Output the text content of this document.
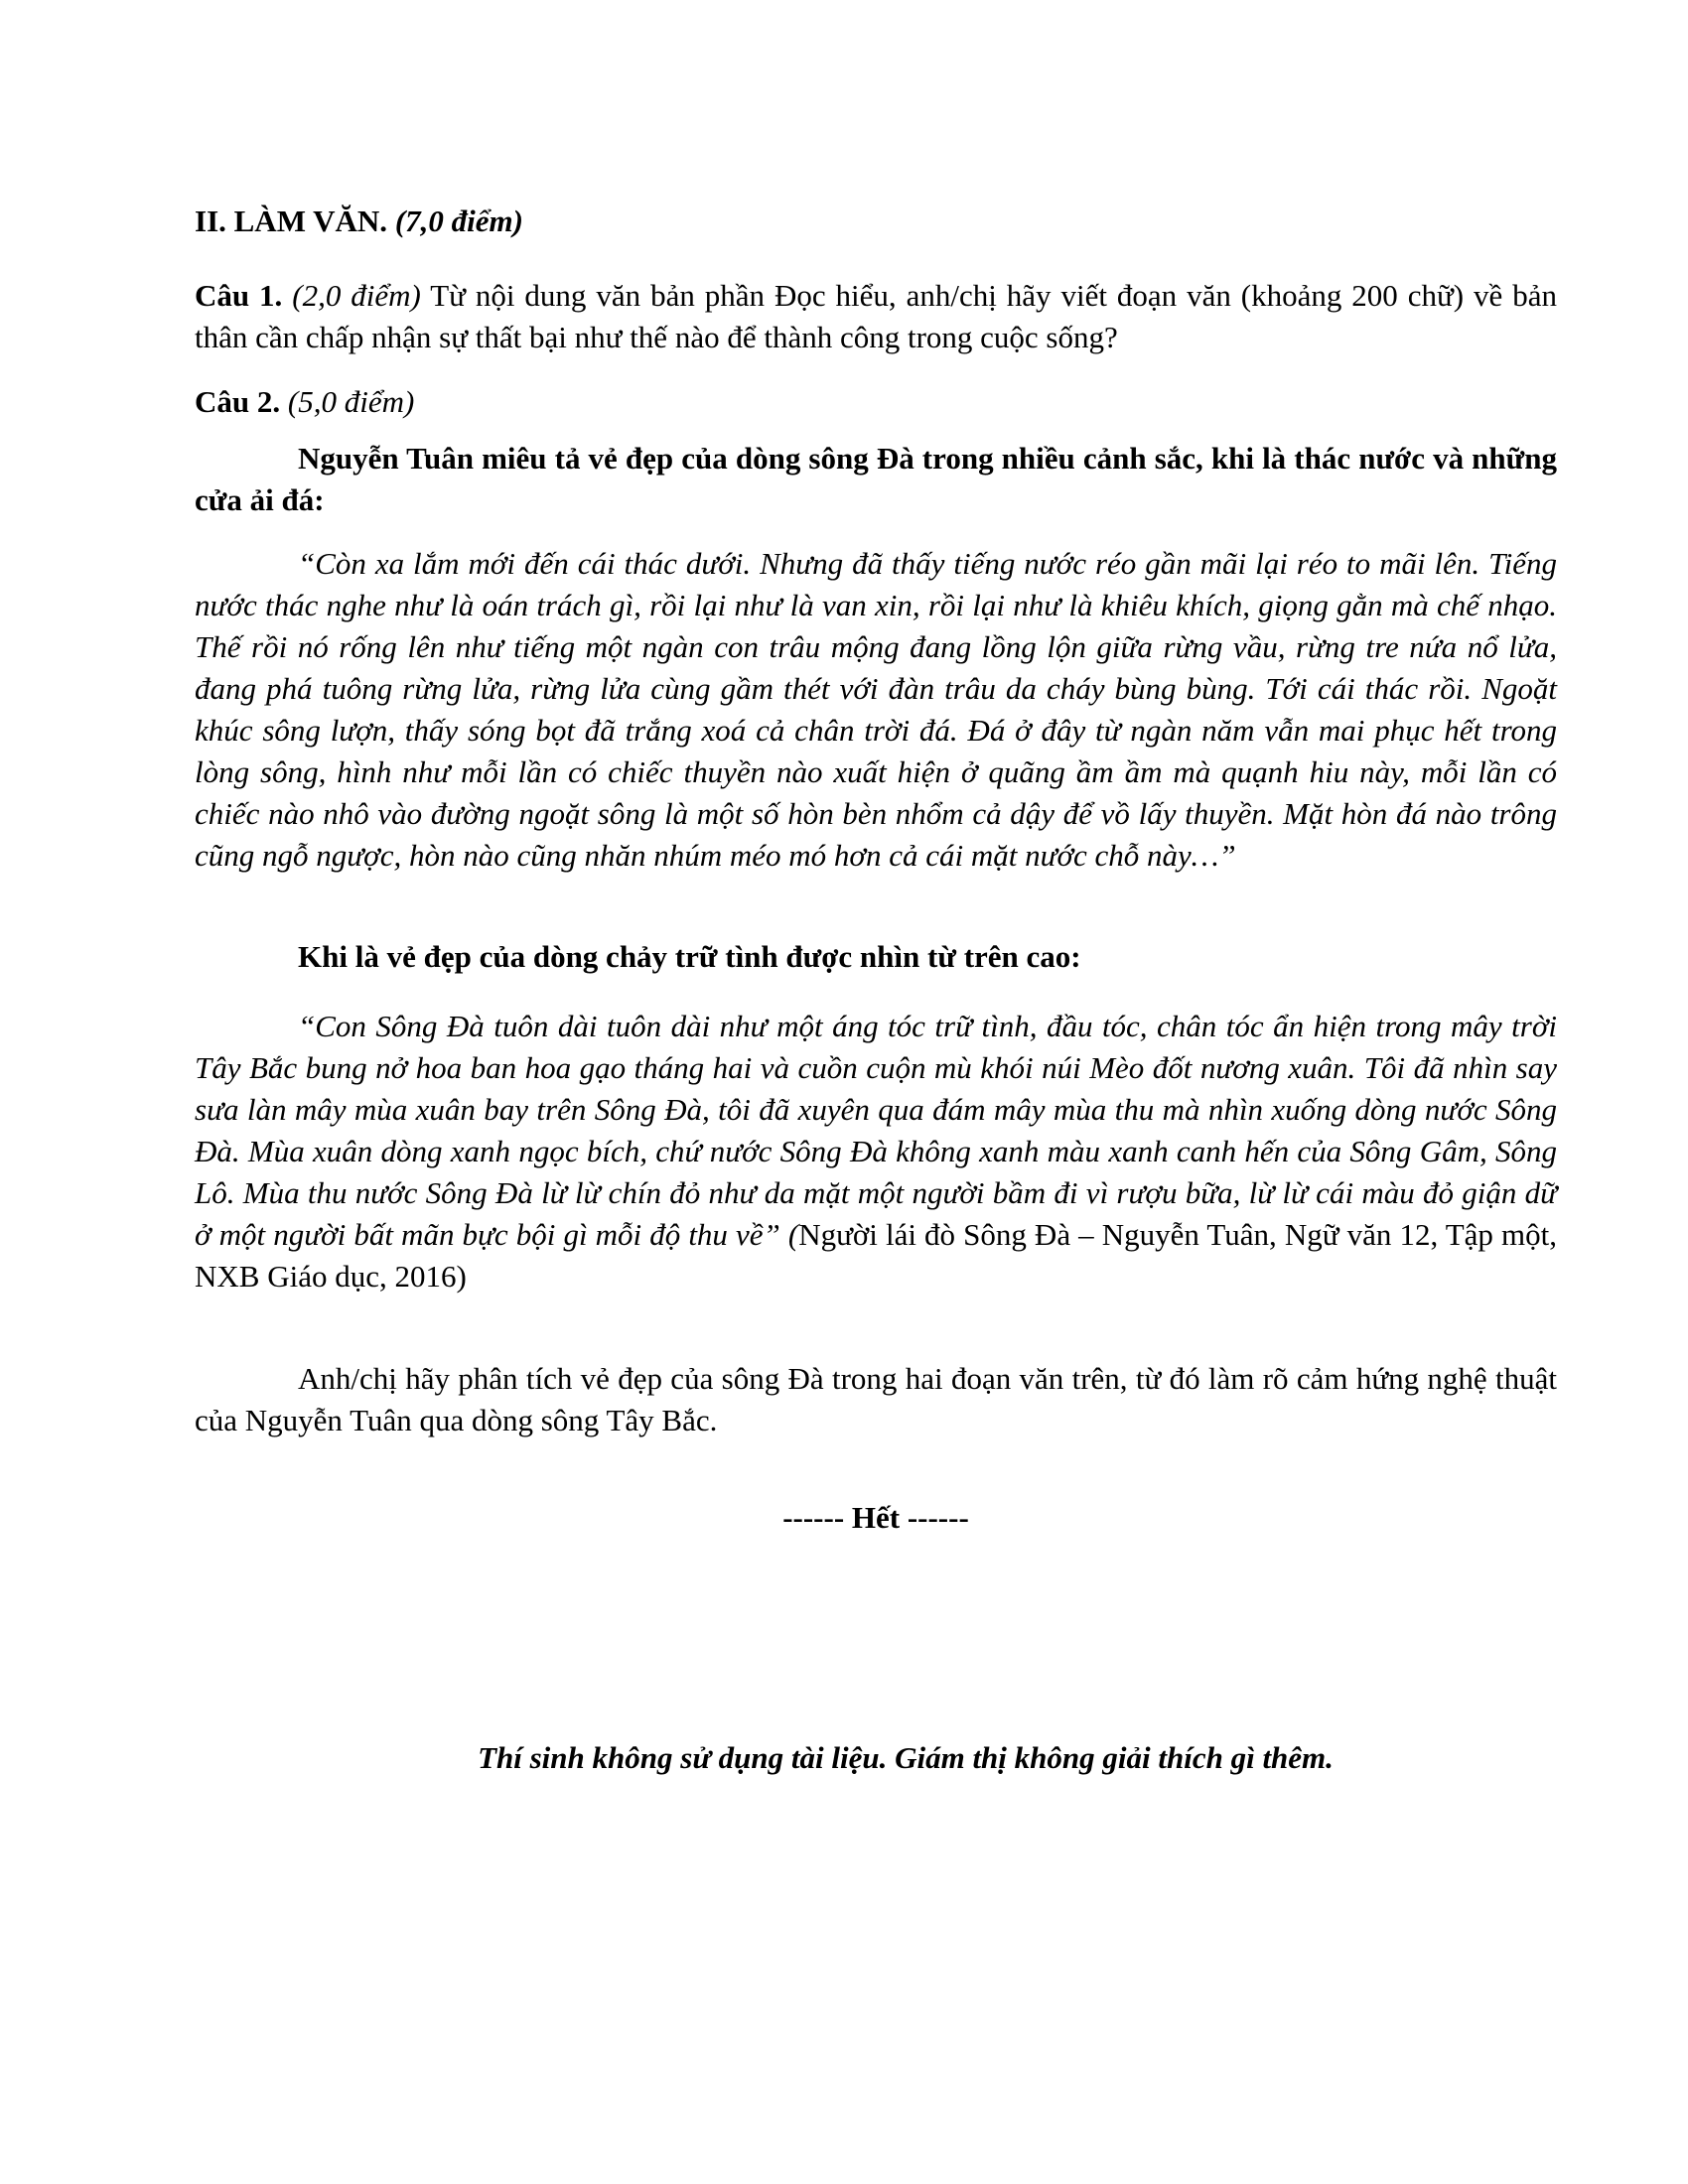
II. LÀM VĂN. (7,0 điểm)
Câu 1. (2,0 điểm) Từ nội dung văn bản phần Đọc hiểu, anh/chị hãy viết đoạn văn (khoảng 200 chữ) về bản thân cần chấp nhận sự thất bại như thế nào để thành công trong cuộc sống?
Câu 2. (5,0 điểm)
Nguyễn Tuân miêu tả vẻ đẹp của dòng sông Đà trong nhiều cảnh sắc, khi là thác nước và những cửa ải đá:
“Còn xa lắm mới đến cái thác dưới. Nhưng đã thấy tiếng nước réo gần mãi lại réo to mãi lên. Tiếng nước thác nghe như là oán trách gì, rồi lại như là van xin, rồi lại như là khiêu khích, giọng gằn mà chế nhạo. Thế rồi nó rống lên như tiếng một ngàn con trâu mộng đang lồng lộn giữa rừng vầu, rừng tre nứa nổ lửa, đang phá tuông rừng lửa, rừng lửa cùng gầm thét với đàn trâu da cháy bùng bùng. Tới cái thác rồi. Ngoặt khúc sông lượn, thấy sóng bọt đã trắng xoá cả chân trời đá. Đá ở đây từ ngàn năm vẫn mai phục hết trong lòng sông, hình như mỗi lần có chiếc thuyền nào xuất hiện ở quãng ầm ầm mà quạnh hiu này, mỗi lần có chiếc nào nhô vào đường ngoặt sông là một số hòn bèn nhổm cả dậy để vồ lấy thuyền. Mặt hòn đá nào trông cũng ngỗ ngược, hòn nào cũng nhăn nhúm méo mó hơn cả cái mặt nước chỗ này…”
Khi là vẻ đẹp của dòng chảy trữ tình được nhìn từ trên cao:
“Con Sông Đà tuôn dài tuôn dài như một áng tóc trữ tình, đầu tóc, chân tóc ẩn hiện trong mây trời Tây Bắc bung nở hoa ban hoa gạo tháng hai và cuồn cuộn mù khói núi Mèo đốt nương xuân. Tôi đã nhìn say sưa làn mây mùa xuân bay trên Sông Đà, tôi đã xuyên qua đám mây mùa thu mà nhìn xuống dòng nước Sông Đà. Mùa xuân dòng xanh ngọc bích, chứ nước Sông Đà không xanh màu xanh canh hến của Sông Gâm, Sông Lô. Mùa thu nước Sông Đà lừ lừ chín đỏ như da mặt một người bầm đi vì rượu bữa, lừ lừ cái màu đỏ giận dữ ở một người bất mãn bực bội gì mỗi độ thu về” (Người lái đò Sông Đà – Nguyễn Tuân, Ngữ văn 12, Tập một, NXB Giáo dục, 2016)
Anh/chị hãy phân tích vẻ đẹp của sông Đà trong hai đoạn văn trên, từ đó làm rõ cảm hứng nghệ thuật của Nguyễn Tuân qua dòng sông Tây Bắc.
------ Hết ------
Thí sinh không sử dụng tài liệu. Giám thị không giải thích gì thêm.
